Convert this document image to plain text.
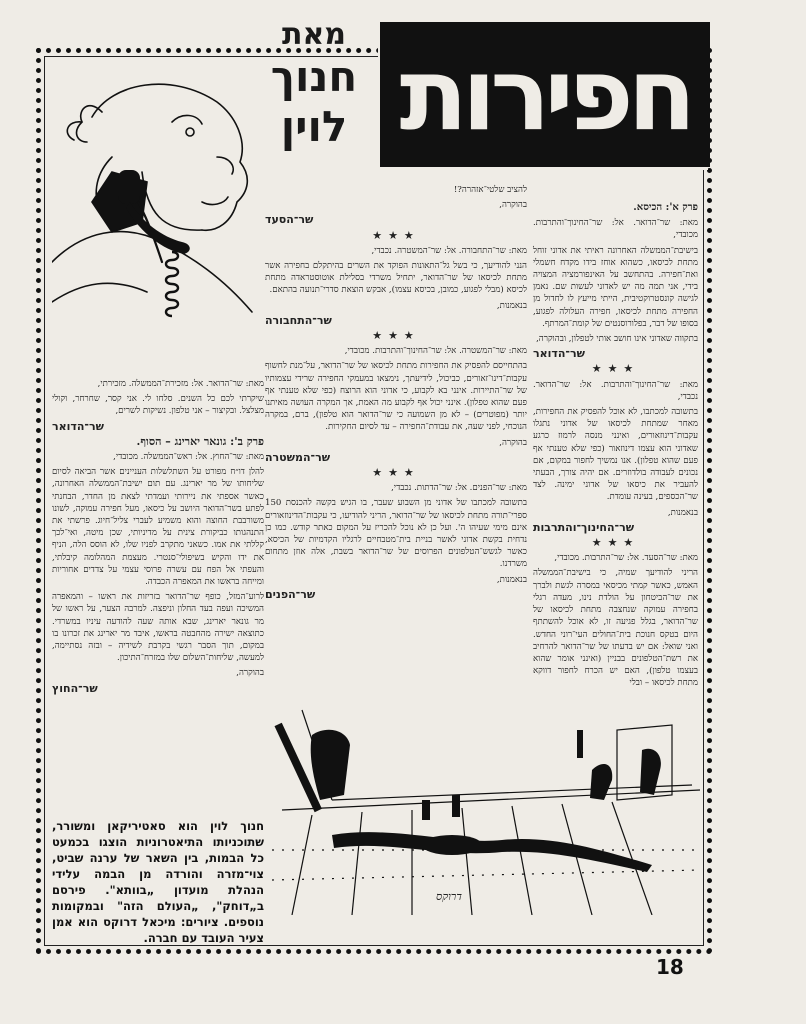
חפירות
מאת
חנוך לוין

פרק א': הכיסא.

מאת: שר־הדואר. אל: שר־החינוך־והתרבות. מכובדי,

בישיבת־הממשלה האחרונה ראיתי את אדוני זוחל מתחת לכיסאו, כשהוא אוחז בידו מקדח חשמלי ואת־חפירה. בהתחשב על האינפורמציה המצויה בידי, אני תמה מה יש לאדוני לעשות שם. נאמן לגישה קונסטרוקטיבית, הייתי מייעץ לו לחדול מן החפירה מתחת לכיסאו, חפירה העלולה לפגוע, בסופו של דבר, בפלורוסנטים של קומת־המרתף.

בתקווה שאדוני אינו חושב אותי לטפלון, ובהוקרה,

שר־הדואר

★★★

מאת: שר־החינוך־והתרבות. אל: שר־הדואר. נכבדי,

בתשובה למכתבו, לא אוכל להפסיק את החפירות, מאחר שמתחת לכיסאו של אדוני נתגלו עקבות־דינוזאורים, ואינני מנסה לרמוז כרגע שאדוני הוא עצמו דינוזאור (כפי שלא טענתי אף פעם שהוא טפלון). אנו נמשיך לחפור במקום, אם נכונים לעבודה בולדוזרים. אם יהיה צורך, הבעתי להעביר את כיסאו של אדוני ימינה. לצד שר־הכספים, בעינה עומדת.

בנאמנות,

שר־החינוך־והתרבות

★★★

מאת: שר־הסעד. אל: שר־התרבות. מכובדי,

הריני להודיעך שמיה, כי בישיבת־הממשלה האמש, כאשר קמתי מכיסאי במסרה לגשת ולברך את שר־הביטחון על הולדת נינו, מעדה רגלי בחפירה עמוקה שנחצבה מתחת לכיסאו של שר־הדואר, בגלל פגיעה זו, לא אוכל להשתתף היום בטקס חנוכת בית־החולים העי־רוני החדש. ואני שואל: אם יש בדעתו של שר־הדואר להרחיב את רשת־הטלפונים בבניין (ואינני אומר שהוא בעצמו טלפון), האם יש הכרח לחפור דווקא מתחת לכיסאו – ובלי

להציב שלטי־אזהרה?!

בהוקרה,

שר־הסעד

★★★

מאת: שר־התחבורה. אל: שר־המשטרה. נכבדי,

הנני להודיעך, כי בשל גל־התאונות הפוקד את השרים בהיתקלם בחפירה אשר מתחת לכיסאו של שר־הדואר, יתחיל משרדי בסלילת אוטוסטראדה מתחת לכיסא (מבלי לפגוע, כמובן, בכיסא עצמו), אבקש הוצאת סדרי־תנועה בהתאם.

בנאמנות,

שר־התחבורה

★★★

מאת: שר־המשטרה. אל: שר־החינוך־והתרבות. מכובדי,

בהתחייסם להפסיק את החפירות מתחת לכיסאו של שר־הדואר, על־מנת לחשוף עקבות־דינו־זאורים, כביכול, לידיעתך, נימצאו במעמקי החפירה שרידי עצמותיו של שר־התיירות. אינני בא לקבוע, כי אדוני הוא הרוצח (כפי שלא טענתי אף פעם שהוא טפלון). אינני יכול אף לקבוע מה האמת, אך המקרה העושה מאיתנו יותר (מפוטרים) – לא מן השמועה כי שר־הדואר הוא טלפון), ברם, במקרה הנוכחי, לפני שעה, את עבודת־החפירה – עד לסיום החקירות.

בהוקרה,

שר־המשטרה

★★★

מאת: שר־הפנים. אל: שר־הדתות. נכבדי,

בתשובה למכתבו של אדוני מן השבוע שעבר, בו הגיש בקשה להכנסת 150 ספרי־תורה מתחת לכיסאו של שר־הדואר, הריני להודיעו, כי עקבות־הדינוזאורים אינם מימי שעיהו ה'. ועל כן לא נוכל להכריז על המקום כאתר קודש. כמו כן נדחית בקשת אדוני לאשר בניית בית־מטבחיים לרגליו הקדמיות של הכיסא, כאשר לגשש־הטלפונים הפרוסים של שר־הדואר בשבת, אלה אוזן מתחום משרדנו.

בנאמנות,

שר־הפנים

מאת: שר־הדואר. אל: מזכירת־הממשלה. מזכירתי,

שיקרתי לכם כל השנים. סלחו לי. אני קסר, שחרחר, וקולי מצלצל. ובקיצור – אני טלפון. נשיקות לשרים,

שר־הדואר

פרק ב': גונאר יארינג – הסוף.

מאת: שר־החוץ. אל: ראש־הממשלה. מכובדי,

להלן דו״ח מפורט על השתלשלות העניינים אשר הביאה לסיום שליחותו של מר יארינג. עם תום ישיבת־הממשלה האחרונה, כאשר אספתי את ניירותי ועמדתי לצאת מן החדר, הבחנתי לפתע בשר־הדואר היושב על כיסאו, מעל חפירה עמוקה, לשונו משורבבת החוצה והוא משמיע לעברי צליל־חיוג. פרשתי את התנהגותו כביקורת צינית על מדיניותי, שכן מיטה, ואי־לכך קללתי את אמו. כשאני מתקרב לפניו שלו, לא הוסס הלה, הניף את ידו והקיש בשיפולי־סנטרי. מעצמת המהלומה קיבלתי, והעפתי אל הפח עם עשרה פרוסי עצמי על צדדים אחוריות ומייחה בראשו את המאפרה הכבדה.

לרוע־המזל, כופף שר־הדואר בזריזות את ראשו – והמאפרה המשיכה ועפה בעד החלון וניפצה. למרבה הצער, על ראשו של מר גונאר יארינג, שבא אותה שעה להודעה עיניו במשרדי. כתוצאה ישירה מהחבטה בראשו, איבד מר יארינג את זכרונו בו במקום, תוך הסבר רגשי בקרבת לשידיה – ובזה נסתיימה, למעשה, שליחות־השלום שלו במזרח־התיכון.

בהוקרה,

שר־החוץ

דרוקס
חנוך לוין הוא סאטיריקאן ומשורר, שתוכניותו התיאטרוניות הוצגו בכמעט כל הבמות, בין השאר של ערנה שביט, צוי־מזרה והורדה מן הבמה עלידי הנהלת מועדון „בוותא". פירסם ב„דוחק", „העולם הזה" ובמקומות נוספים. ציורים: מיכאל דרוקס הוא אמן צעיר העובד עם חברה.
18
